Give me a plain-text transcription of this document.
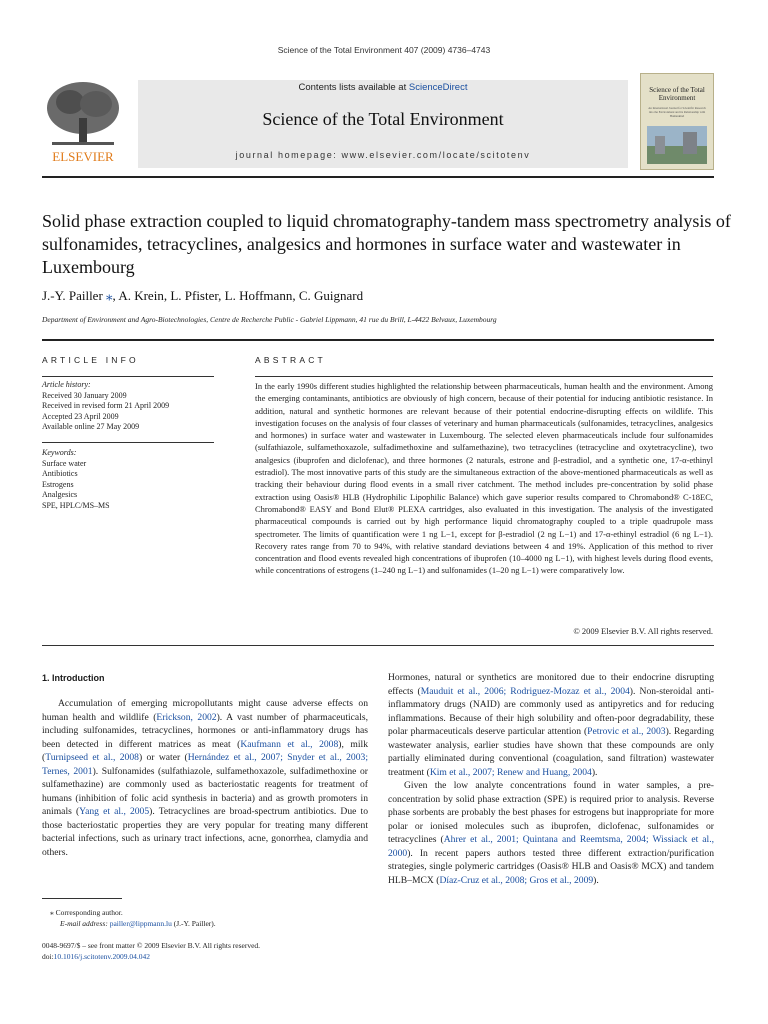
Science of the Total Environment 407 (2009) 4736–4743
ELSEVIER
Contents lists available at ScienceDirect
Science of the Total Environment
journal homepage: www.elsevier.com/locate/scitotenv
Science of the Total Environment
An International Journal for Scientific Research into the Environment and its Relationship with Humankind
Solid phase extraction coupled to liquid chromatography-tandem mass spectrometry analysis of sulfonamides, tetracyclines, analgesics and hormones in surface water and wastewater in Luxembourg
J.-Y. Pailler ⁎, A. Krein, L. Pfister, L. Hoffmann, C. Guignard
Department of Environment and Agro-Biotechnologies, Centre de Recherche Public - Gabriel Lippmann, 41 rue du Brill, L-4422 Belvaux, Luxembourg
ARTICLE INFO
Article history:
Received 30 January 2009
Received in revised form 21 April 2009
Accepted 23 April 2009
Available online 27 May 2009
Keywords:
Surface water
Antibiotics
Estrogens
Analgesics
SPE, HPLC/MS–MS
ABSTRACT
In the early 1990s different studies highlighted the relationship between pharmaceuticals, human health and the environment. Among the emerging contaminants, antibiotics are obviously of high concern, because of their potential for inducing antibiotic resistance. In addition, natural and synthetic hormones are relevant because of their potential endocrine-disrupting effects on wildlife. This investigation focuses on the analysis of four classes of veterinary and human pharmaceuticals (sulfonamides, tetracyclines, analgesics and hormones) in surface water and wastewater in Luxembourg. The selected eleven pharmaceuticals include four sulfonamides (sulfathiazole, sulfamethoxazole, sulfadimethoxine and sulfamethazine), two tetracyclines (tetracycline and oxytetracycline), two analgesics (ibuprofen and diclofenac), and three hormones (2 naturals, estrone and β-estradiol, and a synthetic one, 17-α-ethinyl estradiol). The most innovative parts of this study are the simultaneous extraction of the above-mentioned pharmaceuticals as well as tracking their behaviour during flood events in a small river catchment. The method includes pre-concentration by solid phase extraction using Oasis® HLB (Hydrophilic Lipophilic Balance) which gave superior results compared to Chromabond® C-18EC, Chromabond® EASY and Bond Elut® PLEXA cartridges, also evaluated in this investigation. The analysis of the investigated pharmaceutical compounds is carried out by high performance liquid chromatography coupled to a triple quadrupole mass spectrometer. The limits of quantification were 1 ng L−1, except for β-estradiol (2 ng L−1) and 17-α-ethinyl estradiol (6 ng L−1). Recovery rates range from 70 to 94%, with relative standard deviations between 4 and 19%. Application of this method to river concentration and flood events revealed high concentrations of ibuprofen (10–4000 ng L−1), with highest levels during flood events, while concentrations of estrogens (1–240 ng L−1) and sulfonamides (1–20 ng L−1) were comparatively low.
© 2009 Elsevier B.V. All rights reserved.
1. Introduction

Accumulation of emerging micropollutants might cause adverse effects on human health and wildlife (Erickson, 2002). A vast number of pharmaceuticals, including sulfonamides, tetracyclines, hormones or anti-inflammatory drugs has been detected in different matrices as meat (Kaufmann et al., 2008), milk (Turnipseed et al., 2008) or water (Hernández et al., 2007; Snyder et al., 2003; Ternes, 2001). Sulfonamides (sulfathiazole, sulfamethoxazole, sulfadimethoxine or sulfamethazine) are commonly used as bacteriostatic reagents for treatment of humans (inhibition of folic acid synthesis in bacteria) and as growth promoters in animals (Yang et al., 2005). Tetracyclines are broad-spectrum antibiotics. Due to those bacteriostatic properties they are very popular for treating many different bacterial infections, such as urinary tract infections, acne, gonorrhea, clamydia and others.

Hormones, natural or synthetics are monitored due to their endocrine disrupting effects (Mauduit et al., 2006; Rodriguez-Mozaz et al., 2004). Non-steroidal anti-inflammatory drugs (NAID) are commonly used as antipyretics and for reducing inflammations. Because of their high solubility and often-poor degradability, these polar pharmaceuticals deserve particular attention (Petrovic et al., 2003). Regarding wastewater analysis, earlier studies have shown that these compounds are only partially eliminated during conventional (coagulation, sand filtration) wastewater treatment (Kim et al., 2007; Renew and Huang, 2004).

Given the low analyte concentrations found in water samples, a pre-concentration by solid phase extraction (SPE) is required prior to analysis. Reverse phase sorbents are probably the best phases for estrogens but inappropriate for more polar or ionised molecules such as ibuprofen, diclofenac, sulfonamides or tetracyclines (Ahrer et al., 2001; Quintana and Reemtsma, 2004; Wissiack et al., 2000). In recent papers authors tested three different extraction/purification strategies, single polymeric cartridges (Oasis® HLB and Oasis® MCX) and tandem HLB–MCX (Díaz-Cruz et al., 2008; Gros et al., 2009).

⁎ Corresponding author.
E-mail address: pailler@lippmann.lu (J.-Y. Pailler).
0048-9697/$ – see front matter © 2009 Elsevier B.V. All rights reserved.
doi:10.1016/j.scitotenv.2009.04.042
